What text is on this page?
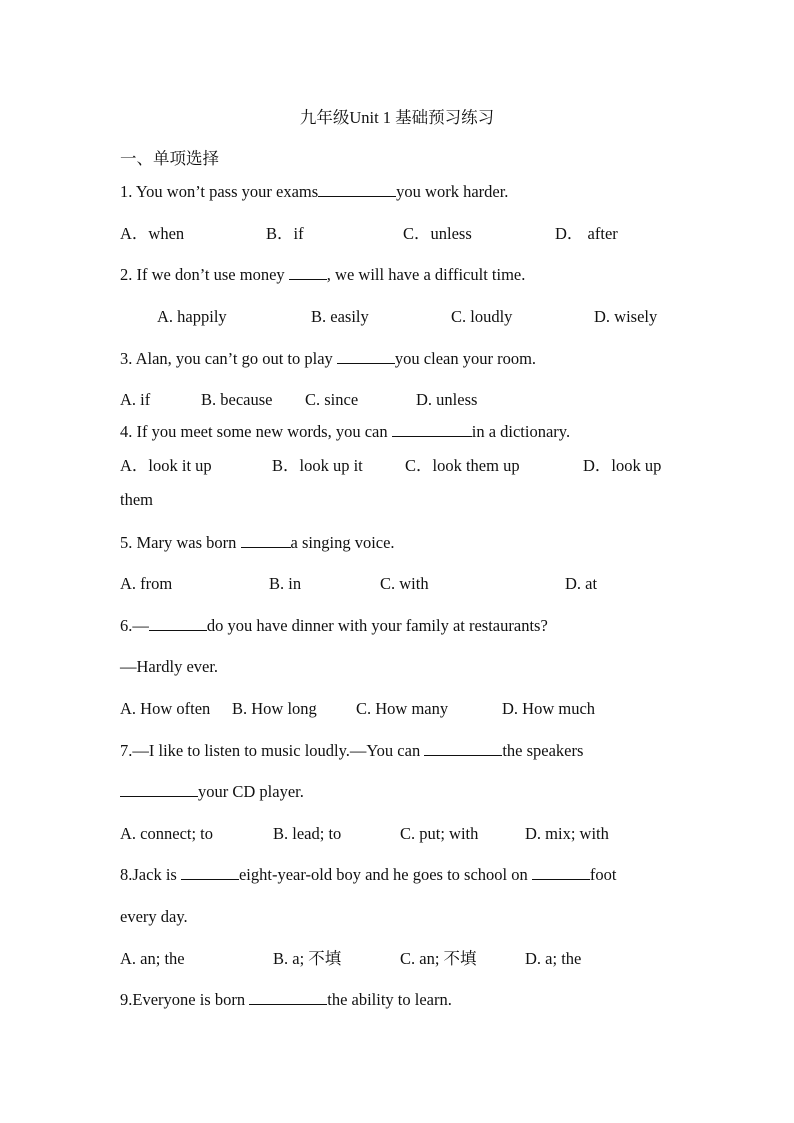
九年级Unit 1 基础预习练习
一、单项选择
1. You won’t pass your exams	you work harder.
A．when	B．if	C．unless	D． after
2. If we don’t use money , we will have a difficult time.
A. happily	B. easily	C. loudly	D. wisely
3. Alan, you can’t go out to play	you clean your room.
A. if	B. because C. since	D. unless
4. If you meet some new words, you can	in a dictionary.
A．look it up	B．look up it	C．look them up	D．look up
them
5. Mary was born	a singing voice.
A. from	B. in	C. with	D. at
6.—	do you have dinner with your family at restaurants?
—Hardly ever.
A. How often B. How long C. How many	D. How much
7.—I like to listen to music loudly.—You can	the speakers
your CD player.
A. connect; to	B. lead; to	C. put; with	D. mix; with
8.Jack is	eight-year-old boy and he goes to school on	foot
every day.
A. an; the	B. a; 不填	C. an; 不填	D. a; the
9.Everyone is born	the ability to learn.
